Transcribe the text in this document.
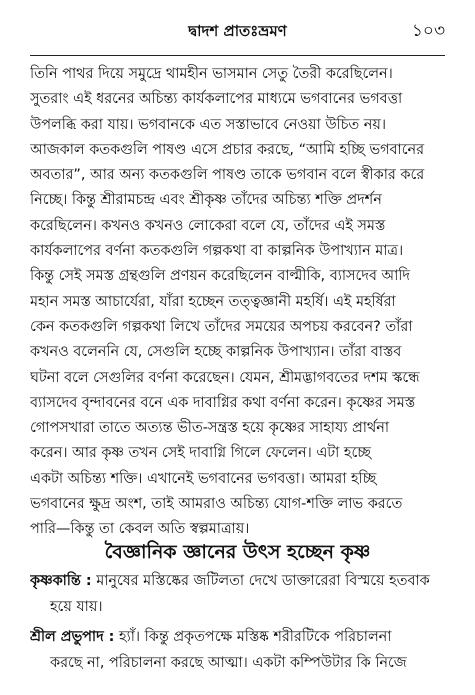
দ্বাদশ প্রাতঃভ্রমণ	১০৩
তিনি পাথর দিয়ে সমুদ্রে থামহীন ভাসমান সেতু তৈরী করেছিলেন।
সুতরাং এই ধরনের অচিন্ত্য কার্যকলাপের মাধ্যমে ভগবানের ভগবত্তা
উপলব্ধি করা যায়। ভগবানকে এত সস্তাভাবে নেওয়া উচিত নয়।
আজকাল কতকগুলি পাষণ্ড এসে প্রচার করছে, “আমি হচ্ছি ভগবানের
অবতার”, আর অন্য কতকগুলি পাষণ্ড তাকে ভগবান বলে স্বীকার করে
নিচ্ছে। কিন্তু শ্রীরামচন্দ্র এবং শ্রীকৃষ্ণ তাঁদের অচিন্ত্য শক্তি প্রদর্শন
করেছিলেন। কখনও কখনও লোকেরা বলে যে, তাঁদের এই সমস্ত
কার্যকলাপের বর্ণনা কতকগুলি গল্পকথা বা কাল্পনিক উপাখ্যান মাত্র।
কিন্তু সেই সমস্ত গ্রন্থগুলি প্রণয়ন করেছিলেন বাল্মীকি, ব্যাসদেব আদি
মহান সমস্ত আচার্যেরা, যাঁরা হচ্ছেন তত্ত্বজ্ঞানী মহর্ষি। এই মহর্ষিরা
কেন কতকগুলি গল্পকথা লিখে তাঁদের সময়ের অপচয় করবেন? তাঁরা
কখনও বলেননি যে, সেগুলি হচ্ছে কাল্পনিক উপাখ্যান। তাঁরা বাস্তব
ঘটনা বলে সেগুলির বর্ণনা করেছেন। যেমন, শ্রীমদ্ভাগবতের দশম স্কন্ধে
ব্যাসদেব বৃন্দাবনের বনে এক দাবাগ্নির কথা বর্ণনা করেন। কৃষ্ণের সমস্ত
গোপসখারা তাতে অত্যন্ত ভীত-সন্ত্রস্ত হয়ে কৃষ্ণের সাহায্য প্রার্থনা
করেন। আর কৃষ্ণ তখন সেই দাবাগ্নি গিলে ফেলেন। এটা হচ্ছে
একটা অচিন্ত্য শক্তি। এখানেই ভগবানের ভগবত্তা। আমরা হচ্ছি
ভগবানের ক্ষুদ্র অংশ, তাই আমরাও অচিন্ত্য যোগ-শক্তি লাভ করতে
পারি—কিন্তু তা কেবল অতি স্বল্পমাত্রায়।
বৈজ্ঞানিক জ্ঞানের উৎস হচ্ছেন কৃষ্ণ
কৃষ্ণকান্তি : মানুষের মস্তিষ্কের জটিলতা দেখে ডাক্তারেরা বিস্ময়ে হতবাক
হয়ে যায়।
শ্রীল প্রভুপাদ : হ্যাঁ। কিন্তু প্রকৃতপক্ষে মস্তিষ্ক শরীরটিকে পরিচালনা
করছে না, পরিচালনা করছে আত্মা। একটা কম্পিউটার কি নিজে
